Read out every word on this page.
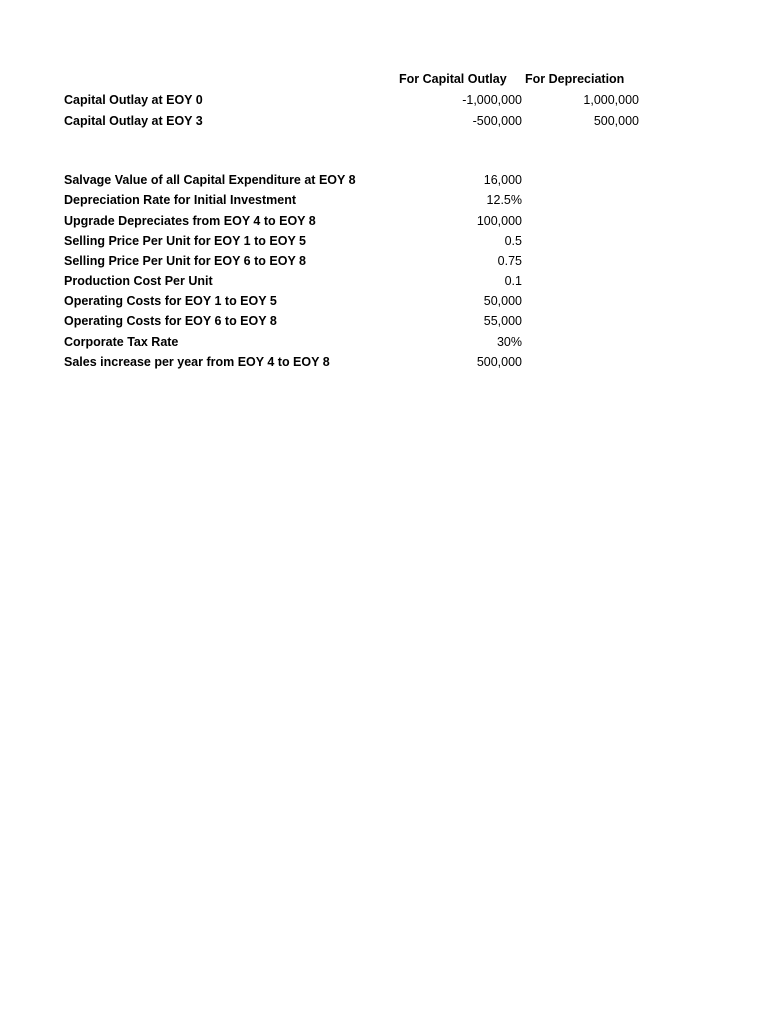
For Capital Outlay For Depreciation
Capital Outlay at EOY 0	-1,000,000	1,000,000
Capital Outlay at EOY 3	-500,000	500,000
Salvage Value of all Capital Expenditure at EOY 8	16,000
Depreciation Rate for Initial Investment	12.5%
Upgrade Depreciates from EOY 4 to EOY 8	100,000
Selling Price Per Unit for EOY 1 to EOY 5	0.5
Selling Price Per Unit for EOY 6 to EOY 8	0.75
Production Cost Per Unit	0.1
Operating Costs for EOY 1 to EOY 5	50,000
Operating Costs for EOY 6 to EOY 8	55,000
Corporate Tax Rate	30%
Sales increase per year from EOY 4 to EOY 8	500,000
